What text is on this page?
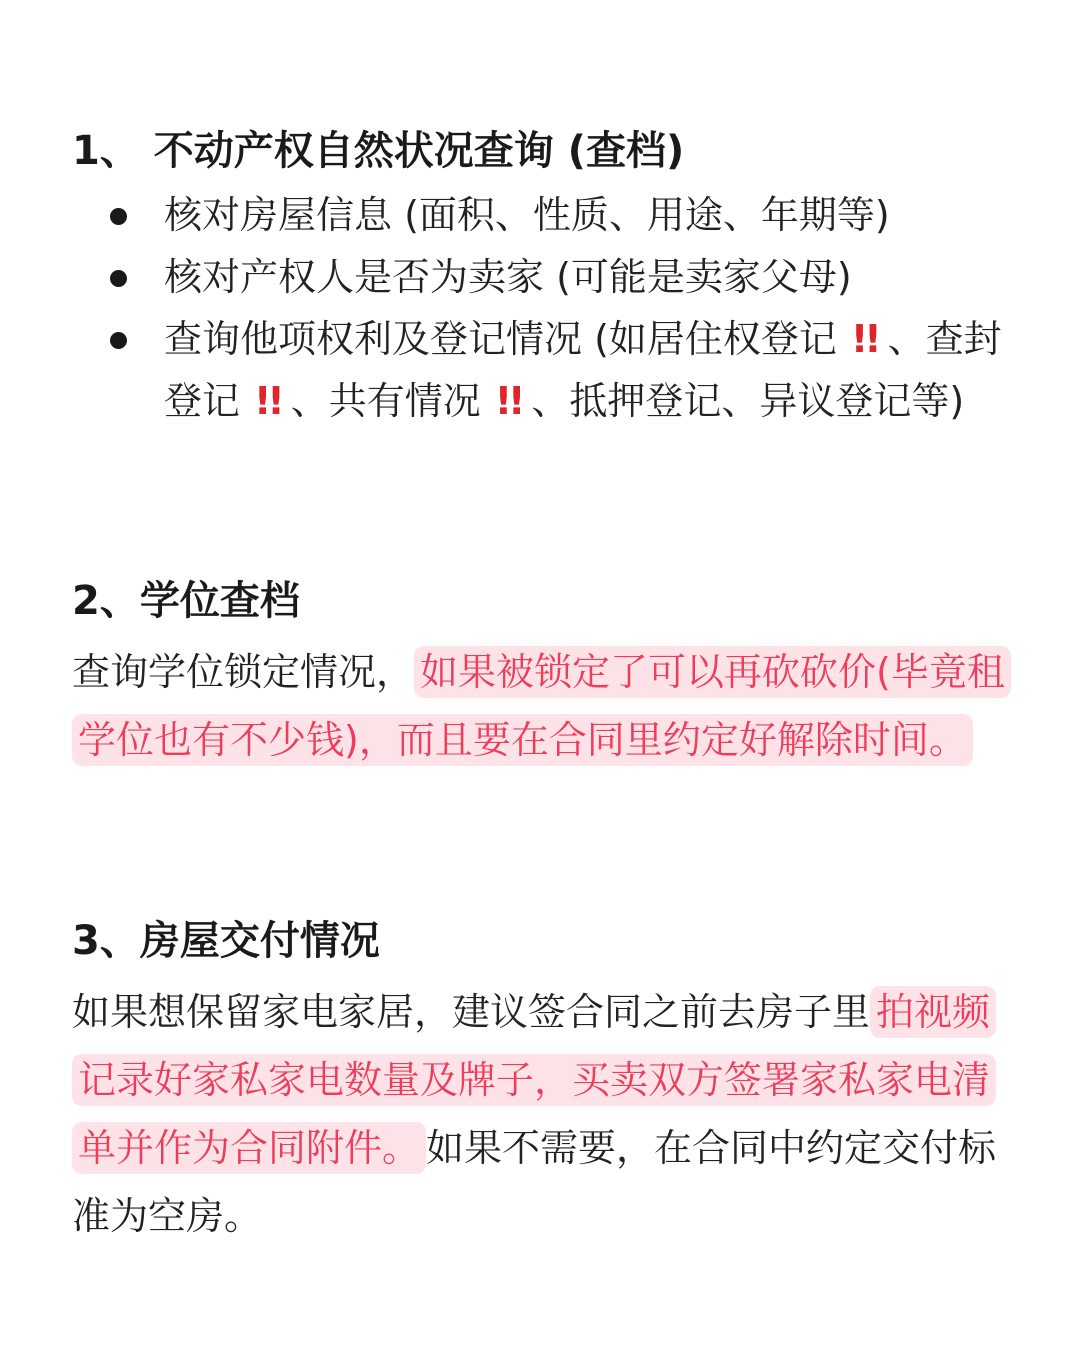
1、 不动产权自然状况查询 (查档)
核对房屋信息 (面积、性质、用途、年期等)
核对产权人是否为卖家 (可能是卖家父母)
查询他项权利及登记情况 (如居住权登记 !! 、查封登记 !! 、共有情况 !! 、抵押登记、异议登记等)
2、学位查档

查询学位锁定情况， 如果被锁定了可以再砍砍价(毕竟租学位也有不少钱)，而且要在合同里约定好解除时间。

3、房屋交付情况

如果想保留家电家居，建议签合同之前去房子里 拍视频记录好家私家电数量及牌子，买卖双方签署家私家电清单并作为合同附件。 如果不需要，在合同中约定交付标准为空房。
